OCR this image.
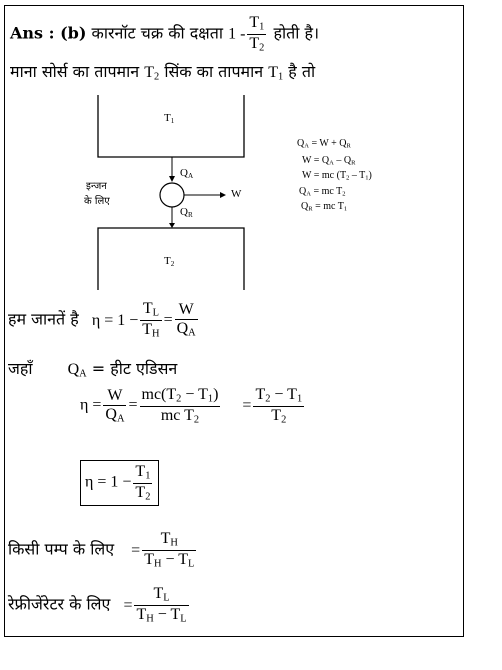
Ans : (b) कारनॉट चक्र की दक्षता $1 - \frac{T_1}{T_2}$ होती है।
माना सोर्स का तापमान $T_2$ सिंक का तापमान $T_1$ है तो
$T_1$
$T_2$
इन्जन
के लिए
$Q_A$
$Q_R$
W
$Q_A = W + Q_R$
$W = Q_A - Q_R$
W = mc $(T_2 - T_1)$
$Q_A$ = mc $T_2$
$Q_R$ = mc $T_1$
हम जानतें है $\eta = 1 - \frac{T_L}{T_H} = \frac{W}{Q_A}$
जहाँ $Q_A$ = हीट एडिसन
$\eta = \frac{W}{Q_A} = \frac{mc(T_2 - T_1)}{mc T_2} = \frac{T_2 - T_1}{T_2}$
$\eta = 1 - \frac{T_1}{T_2}$
किसी पम्प के लिए = $\frac{T_H}{T_H - T_L}$
रेफ्रीजेंरेटर के लिए = $\frac{T_L}{T_H - T_L}$
